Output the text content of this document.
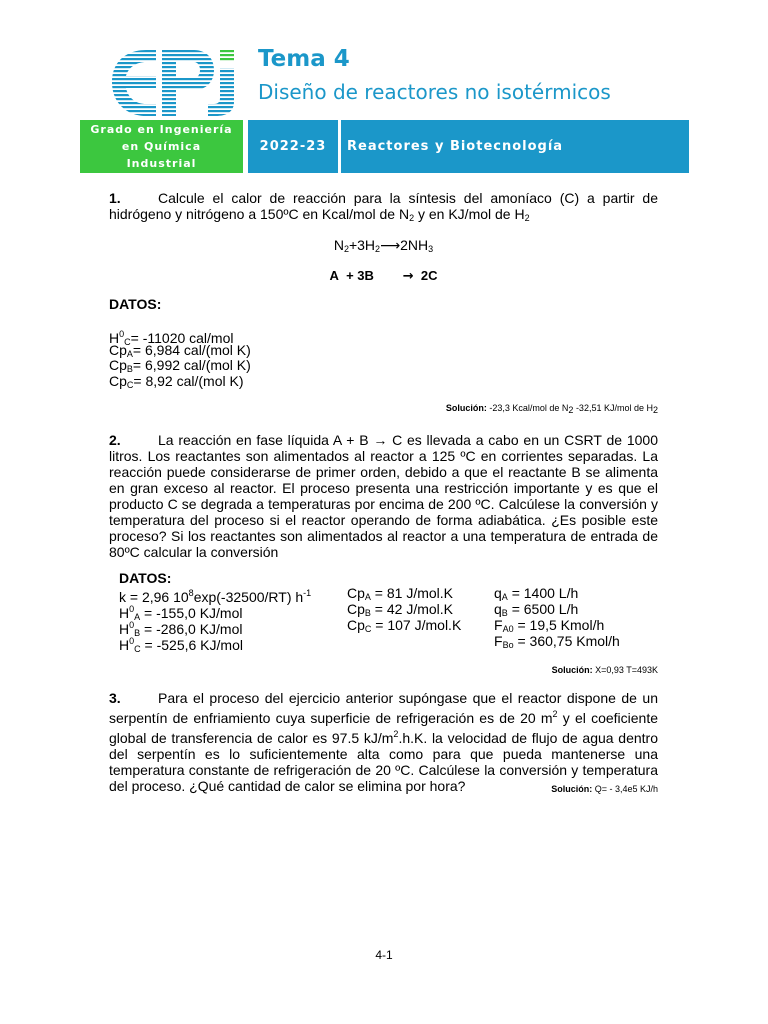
Tema 4
Diseño de reactores no isotérmicos
Grado en Ingeniería
en Química
Industrial
2022-23 Reactores y Biotecnología
1.	Calcule el calor de reacción para la síntesis del amoníaco (C) a partir de hidrógeno y nitrógeno a 150ºC en Kcal/mol de $N_2$ y en KJ/mol de $H_2$
$N_2+3H_2⟶2NH_3$
A  + 3B        →  2C
DATOS:
$H^0_C= -11020$ cal/mol
$Cp_A= 6,984$ cal/(mol K)
$Cp_B= 6,992$ cal/(mol K)
$Cp_C= 8,92$ cal/(mol K)
Solución: -23,3 Kcal/mol de $N_2$ -32,51 KJ/mol de $H_2$
2.	La reacción en fase líquida A + B → C es llevada a cabo en un CSRT de 1000 litros. Los reactantes son alimentados al reactor a 125 ºC en corrientes separadas. La reacción puede considerarse de primer orden, debido a que el reactante B se alimenta en gran exceso al reactor. El proceso presenta una restricción importante y es que el producto C se degrada a temperaturas por encima de 200 ºC. Calcúlese la conversión y temperatura del proceso si el reactor operando de forma adiabática. ¿Es posible este proceso? Si los reactantes son alimentados al reactor a una temperatura de entrada de 80ºC calcular la conversión
DATOS:
k = 2,96 $10^8\exp(-32500/RT)$ $h^{-1}$
$H^0_A = -155,0$ KJ/mol
$H^0_B = -286,0$ KJ/mol
$H^0_C = -525,6$ KJ/mol
$Cp_A = 81$ J/mol.K
$Cp_B = 42$ J/mol.K
$Cp_C = 107$ J/mol.K
$q_A = 1400$ L/h
$q_B = 6500$ L/h
$F_{A0} = 19,5$ Kmol/h
$F_{Bo} = 360,75$ Kmol/h
Solución: X=0,93 T=493K
3.	Para el proceso del ejercicio anterior supóngase que el reactor dispone de un serpentín de enfriamiento cuya superficie de refrigeración es de 20 $m^2$ y el coeficiente global de transferencia de calor es 97.5 $kJ/m^2.h.K$. la velocidad de flujo de agua dentro del serpentín es lo suficientemente alta como para que pueda mantenerse una temperatura constante de refrigeración de 20 ºC. Calcúlese la conversión y temperatura del proceso. ¿Qué cantidad de calor se elimina por hora?	Solución: Q= - 3,4e5 KJ/h
4-1
